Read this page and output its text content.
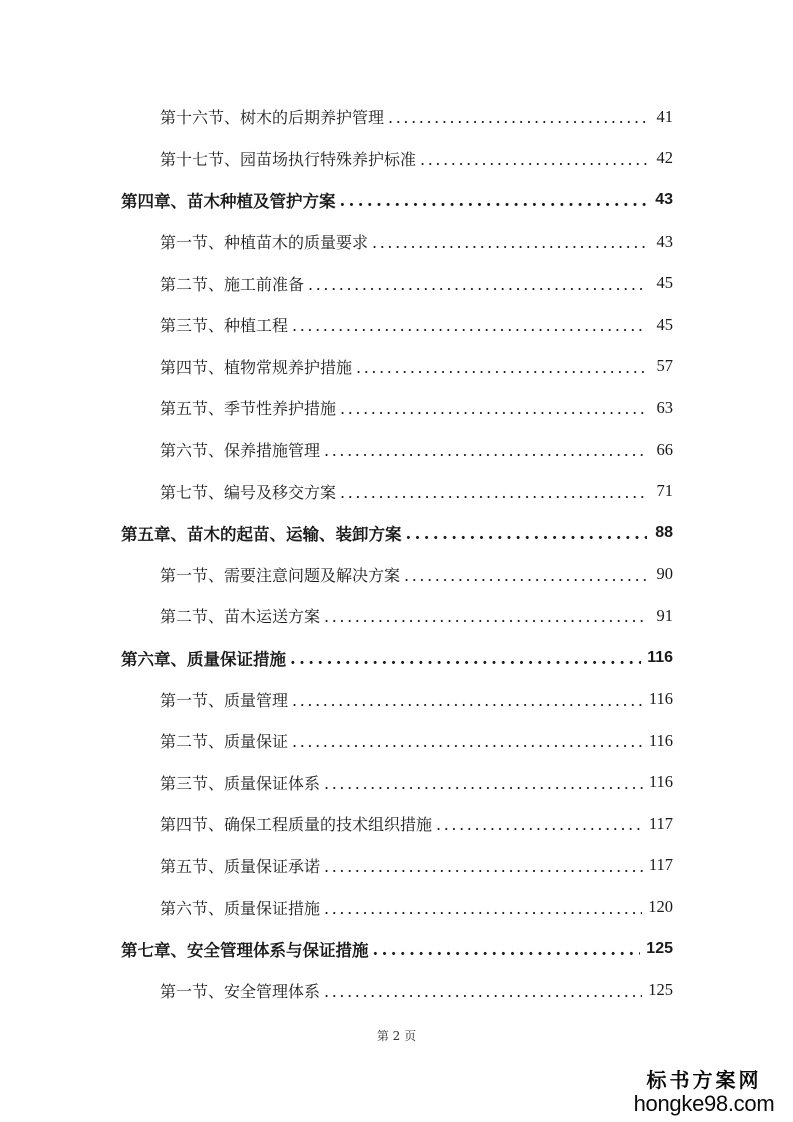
第十六节、树木的后期养护管理 .....	41
第十七节、园苗场执行特殊养护标准 .....	42
第四章、苗木种植及管护方案 .....	43
第一节、种植苗木的质量要求 .....	43
第二节、施工前准备 .....	45
第三节、种植工程 .....	45
第四节、植物常规养护措施 .....	57
第五节、季节性养护措施 .....	63
第六节、保养措施管理 .....	66
第七节、编号及移交方案 .....	71
第五章、苗木的起苗、运输、装卸方案 .....	88
第一节、需要注意问题及解决方案 .....	90
第二节、苗木运送方案 .....	91
第六章、质量保证措施 .....	116
第一节、质量管理 .....	116
第二节、质量保证 .....	116
第三节、质量保证体系 .....	116
第四节、确保工程质量的技术组织措施 .....	117
第五节、质量保证承诺 .....	117
第六节、质量保证措施 .....	120
第七章、安全管理体系与保证措施 .....	125
第一节、安全管理体系 .....	125
第 2 页
标书方案网
hongke98.com
